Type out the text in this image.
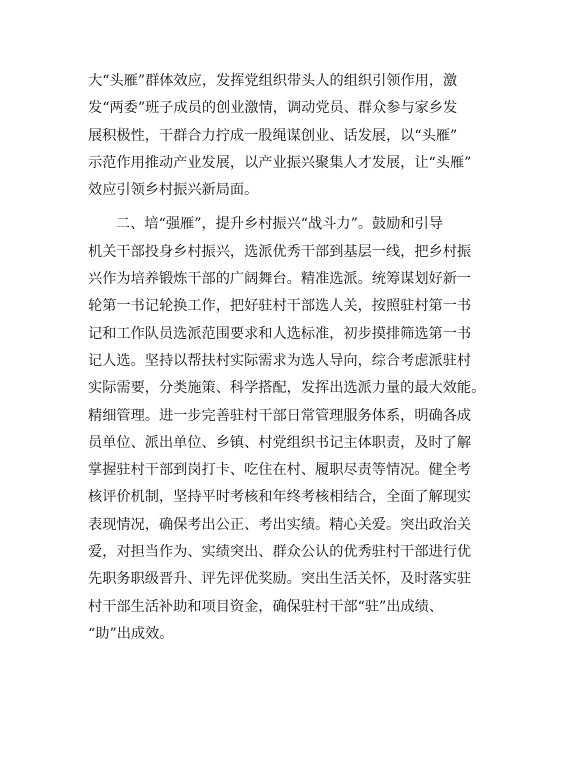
大“头雁”群体效应，发挥党组织带头人的组织引领作用，激
发“两委”班子成员的创业激情，调动党员、群众参与家乡发
展积极性，干群合力拧成一股绳谋创业、话发展，以“头雁”
示范作用推动产业发展，以产业振兴聚集人才发展，让“头雁”
效应引领乡村振兴新局面。
二、培“强雁”，提升乡村振兴“战斗力”。鼓励和引导
机关干部投身乡村振兴，选派优秀干部到基层一线，把乡村振
兴作为培养锻炼干部的广阔舞台。精准选派。统筹谋划好新一
轮第一书记轮换工作，把好驻村干部选人关，按照驻村第一书
记和工作队员选派范围要求和人选标准，初步摸排筛选第一书
记人选。坚持以帮扶村实际需求为选人导向，综合考虑派驻村
实际需要，分类施策、科学搭配，发挥出选派力量的最大效能。
精细管理。进一步完善驻村干部日常管理服务体系，明确各成
员单位、派出单位、乡镇、村党组织书记主体职责，及时了解
掌握驻村干部到岗打卡、吃住在村、履职尽责等情况。健全考
核评价机制，坚持平时考核和年终考核相结合，全面了解现实
表现情况，确保考出公正、考出实绩。精心关爱。突出政治关
爱，对担当作为、实绩突出、群众公认的优秀驻村干部进行优
先职务职级晋升、评先评优奖励。突出生活关怀，及时落实驻
村干部生活补助和项目资金，确保驻村干部“驻”出成绩、
“助”出成效。
